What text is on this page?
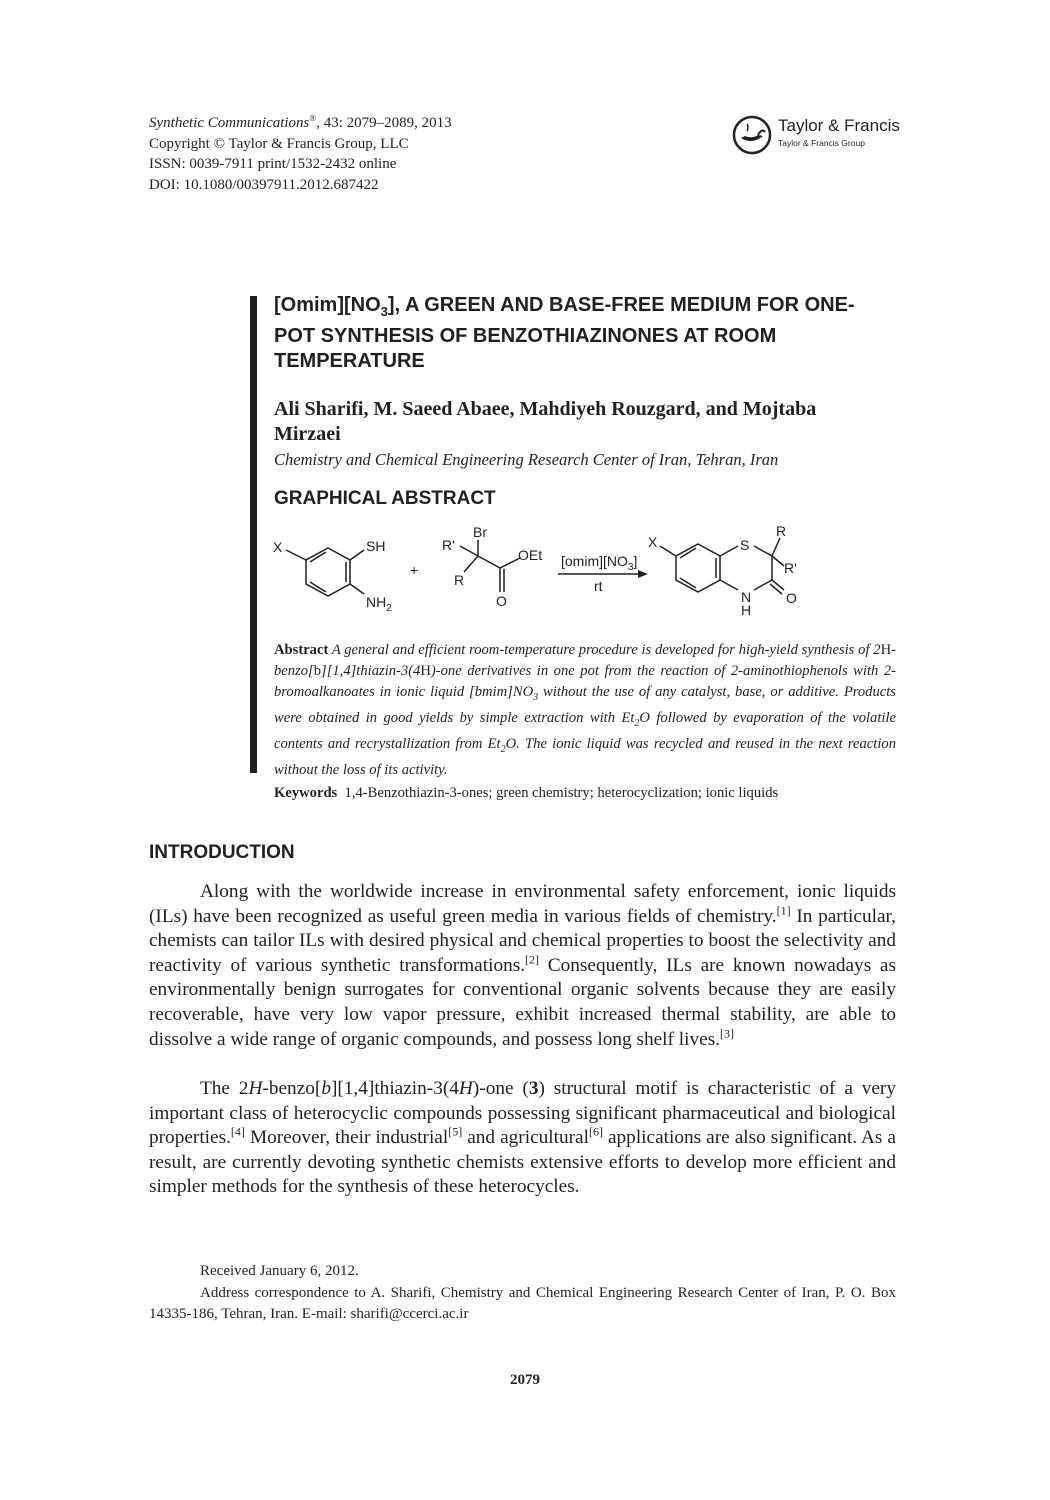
Synthetic Communications®, 43: 2079–2089, 2013
Copyright © Taylor & Francis Group, LLC
ISSN: 0039-7911 print/1532-2432 online
DOI: 10.1080/00397911.2012.687422
Taylor & Francis
Taylor & Francis Group
$[Omim][NO_3]$, A GREEN AND BASE-FREE MEDIUM FOR ONE-POT SYNTHESIS OF BENZOTHIAZINONES AT ROOM TEMPERATURE

Ali Sharifi, M. Saeed Abaee, Mahdiyeh Rouzgard, and Mojtaba Mirzaei

Chemistry and Chemical Engineering Research Center of Iran, Tehran, Iran
GRAPHICAL ABSTRACT
X	SH
$NH_2$
+
Br
R'
R
OEt
O
$[omim][NO_3]$
rt
X	S
R
R'
N
H
O

Abstract A general and efficient room-temperature procedure is developed for high-yield synthesis of 2H-benzo[b][1,4]thiazin-3(4H)-one derivatives in one pot from the reaction of 2-aminothiophenols with 2-bromoalkanoates in ionic liquid $[bmim]NO_3$ without the use of any catalyst, base, or additive. Products were obtained in good yields by simple extraction with $Et_2O$ followed by evaporation of the volatile contents and recrystallization from $Et_2O$. The ionic liquid was recycled and reused in the next reaction without the loss of its activity.

Keywords 1,4-Benzothiazin-3-ones; green chemistry; heterocyclization; ionic liquids
INTRODUCTION

Along with the worldwide increase in environmental safety enforcement, ionic liquids (ILs) have been recognized as useful green media in various fields of chemistry.[1] In particular, chemists can tailor ILs with desired physical and chemical properties to boost the selectivity and reactivity of various synthetic transformations.[2] Consequently, ILs are known nowadays as environmentally benign surrogates for conventional organic solvents because they are easily recoverable, have very low vapor pressure, exhibit increased thermal stability, are able to dissolve a wide range of organic compounds, and possess long shelf lives.[3]

The 2H-benzo[b][1,4]thiazin-3(4H)-one (3) structural motif is characteristic of a very important class of heterocyclic compounds possessing significant pharmaceutical and biological properties.[4] Moreover, their industrial[5] and agricultural[6] applications are also significant. As a result, are currently devoting synthetic chemists extensive efforts to develop more efficient and simpler methods for the synthesis of these heterocycles.

Received January 6, 2012.

Address correspondence to A. Sharifi, Chemistry and Chemical Engineering Research Center of Iran, P. O. Box 14335-186, Tehran, Iran. E-mail: sharifi@ccerci.ac.ir

2079
